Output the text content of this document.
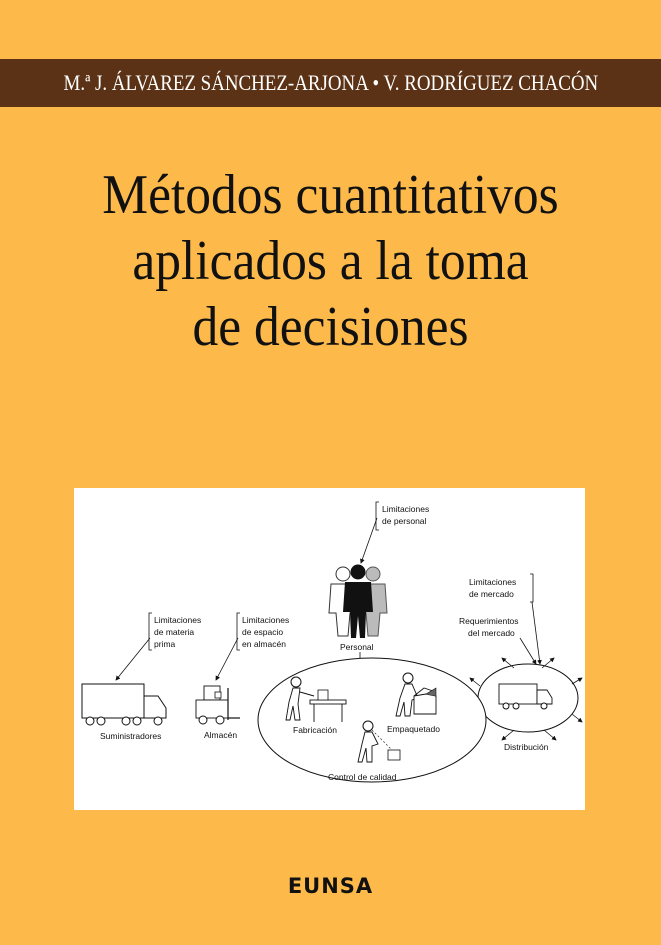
M.ª J. ÁLVAREZ SÁNCHEZ-ARJONA • V. RODRÍGUEZ CHACÓN
Métodos cuantitativos
aplicados a la toma
de decisiones
Limitaciones
de personal
Personal
Limitaciones
de mercado
Requerimientos
del mercado
Distribución
Limitaciones
de materia
prima
Limitaciones
de espacio
en almacén
Suministradores	Almacén	Fabricación	Empaquetado
Control de calidad
EUNSA
